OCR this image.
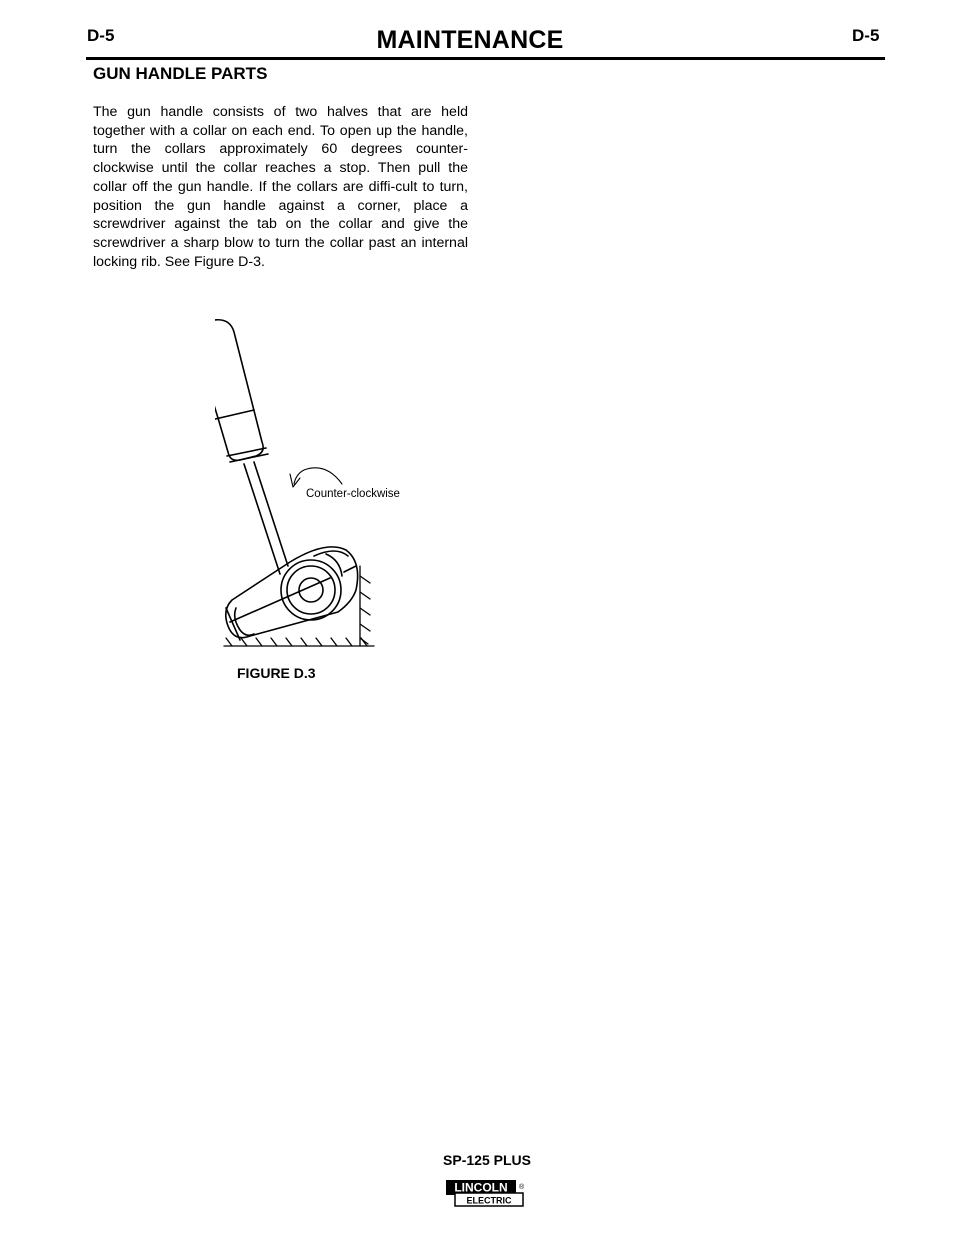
D-5	MAINTENANCE	D-5
GUN HANDLE PARTS

The gun handle consists of two halves that are held together with a collar on each end. To open up the handle, turn the collars approximately 60 degrees counter-clockwise until the collar reaches a stop. Then pull the collar off the gun handle. If the collars are diffi-cult to turn, position the gun handle against a corner, place a screwdriver against the tab on the collar and give the screwdriver a sharp blow to turn the collar past an internal locking rib. See Figure D-3.

Counter-clockwise
FIGURE D.3
SP-125 PLUS
LINCOLN
ELECTRIC
®
